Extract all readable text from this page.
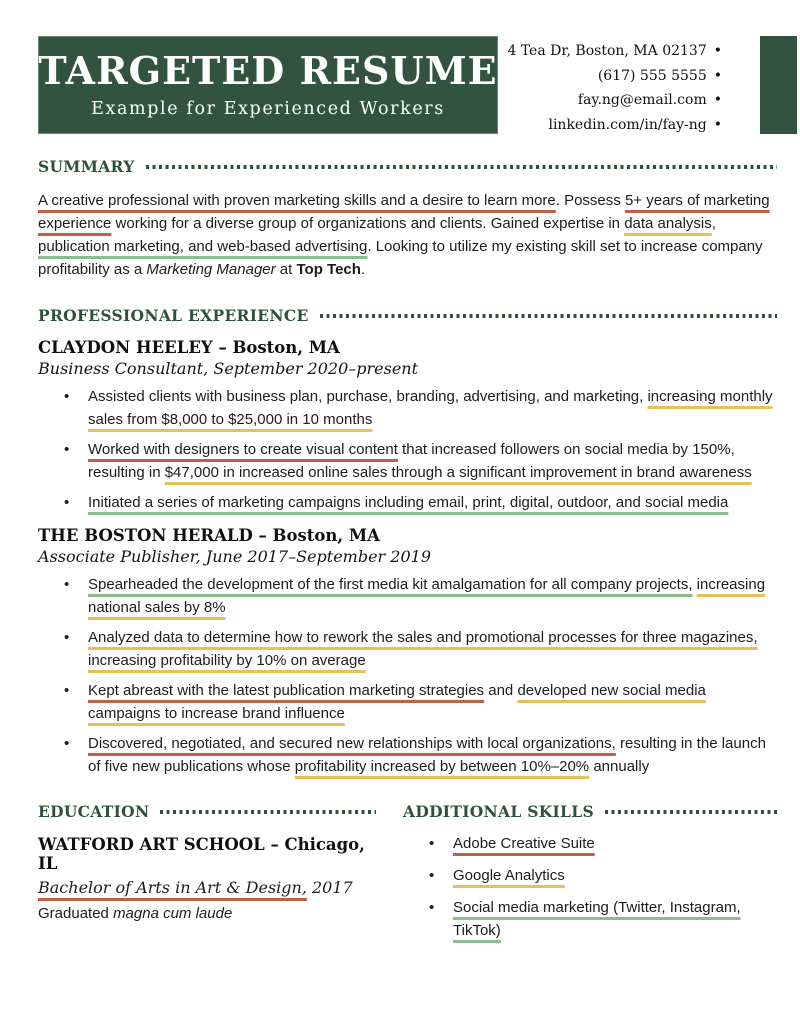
TARGETED RESUME
Example for Experienced Workers
4 Tea Dr, Boston, MA 02137 •
(617) 555 5555 •
fay.ng@email.com •
linkedin.com/in/fay-ng •
SUMMARY

A creative professional with proven marketing skills and a desire to learn more. Possess 5+ years of marketing experience working for a diverse group of organizations and clients. Gained expertise in data analysis, publication marketing, and web-based advertising. Looking to utilize my existing skill set to increase company profitability as a Marketing Manager at Top Tech.

PROFESSIONAL EXPERIENCE
CLAYDON HEELEY – Boston, MA
Business Consultant, September 2020–present
• Assisted clients with business plan, purchase, branding, advertising, and marketing, increasing monthly sales from $8,000 to $25,000 in 10 months
• Worked with designers to create visual content that increased followers on social media by 150%, resulting in $47,000 in increased online sales through a significant improvement in brand awareness
• Initiated a series of marketing campaigns including email, print, digital, outdoor, and social media
THE BOSTON HERALD – Boston, MA
Associate Publisher, June 2017–September 2019
• Spearheaded the development of the first media kit amalgamation for all company projects, increasing national sales by 8%
• Analyzed data to determine how to rework the sales and promotional processes for three magazines, increasing profitability by 10% on average
• Kept abreast with the latest publication marketing strategies and developed new social media campaigns to increase brand influence
• Discovered, negotiated, and secured new relationships with local organizations, resulting in the launch of five new publications whose profitability increased by between 10%–20% annually
EDUCATION
WATFORD ART SCHOOL – Chicago, IL
Bachelor of Arts in Art & Design, 2017
Graduated magna cum laude
ADDITIONAL SKILLS
• Adobe Creative Suite
• Google Analytics
• Social media marketing (Twitter, Instagram, TikTok)
